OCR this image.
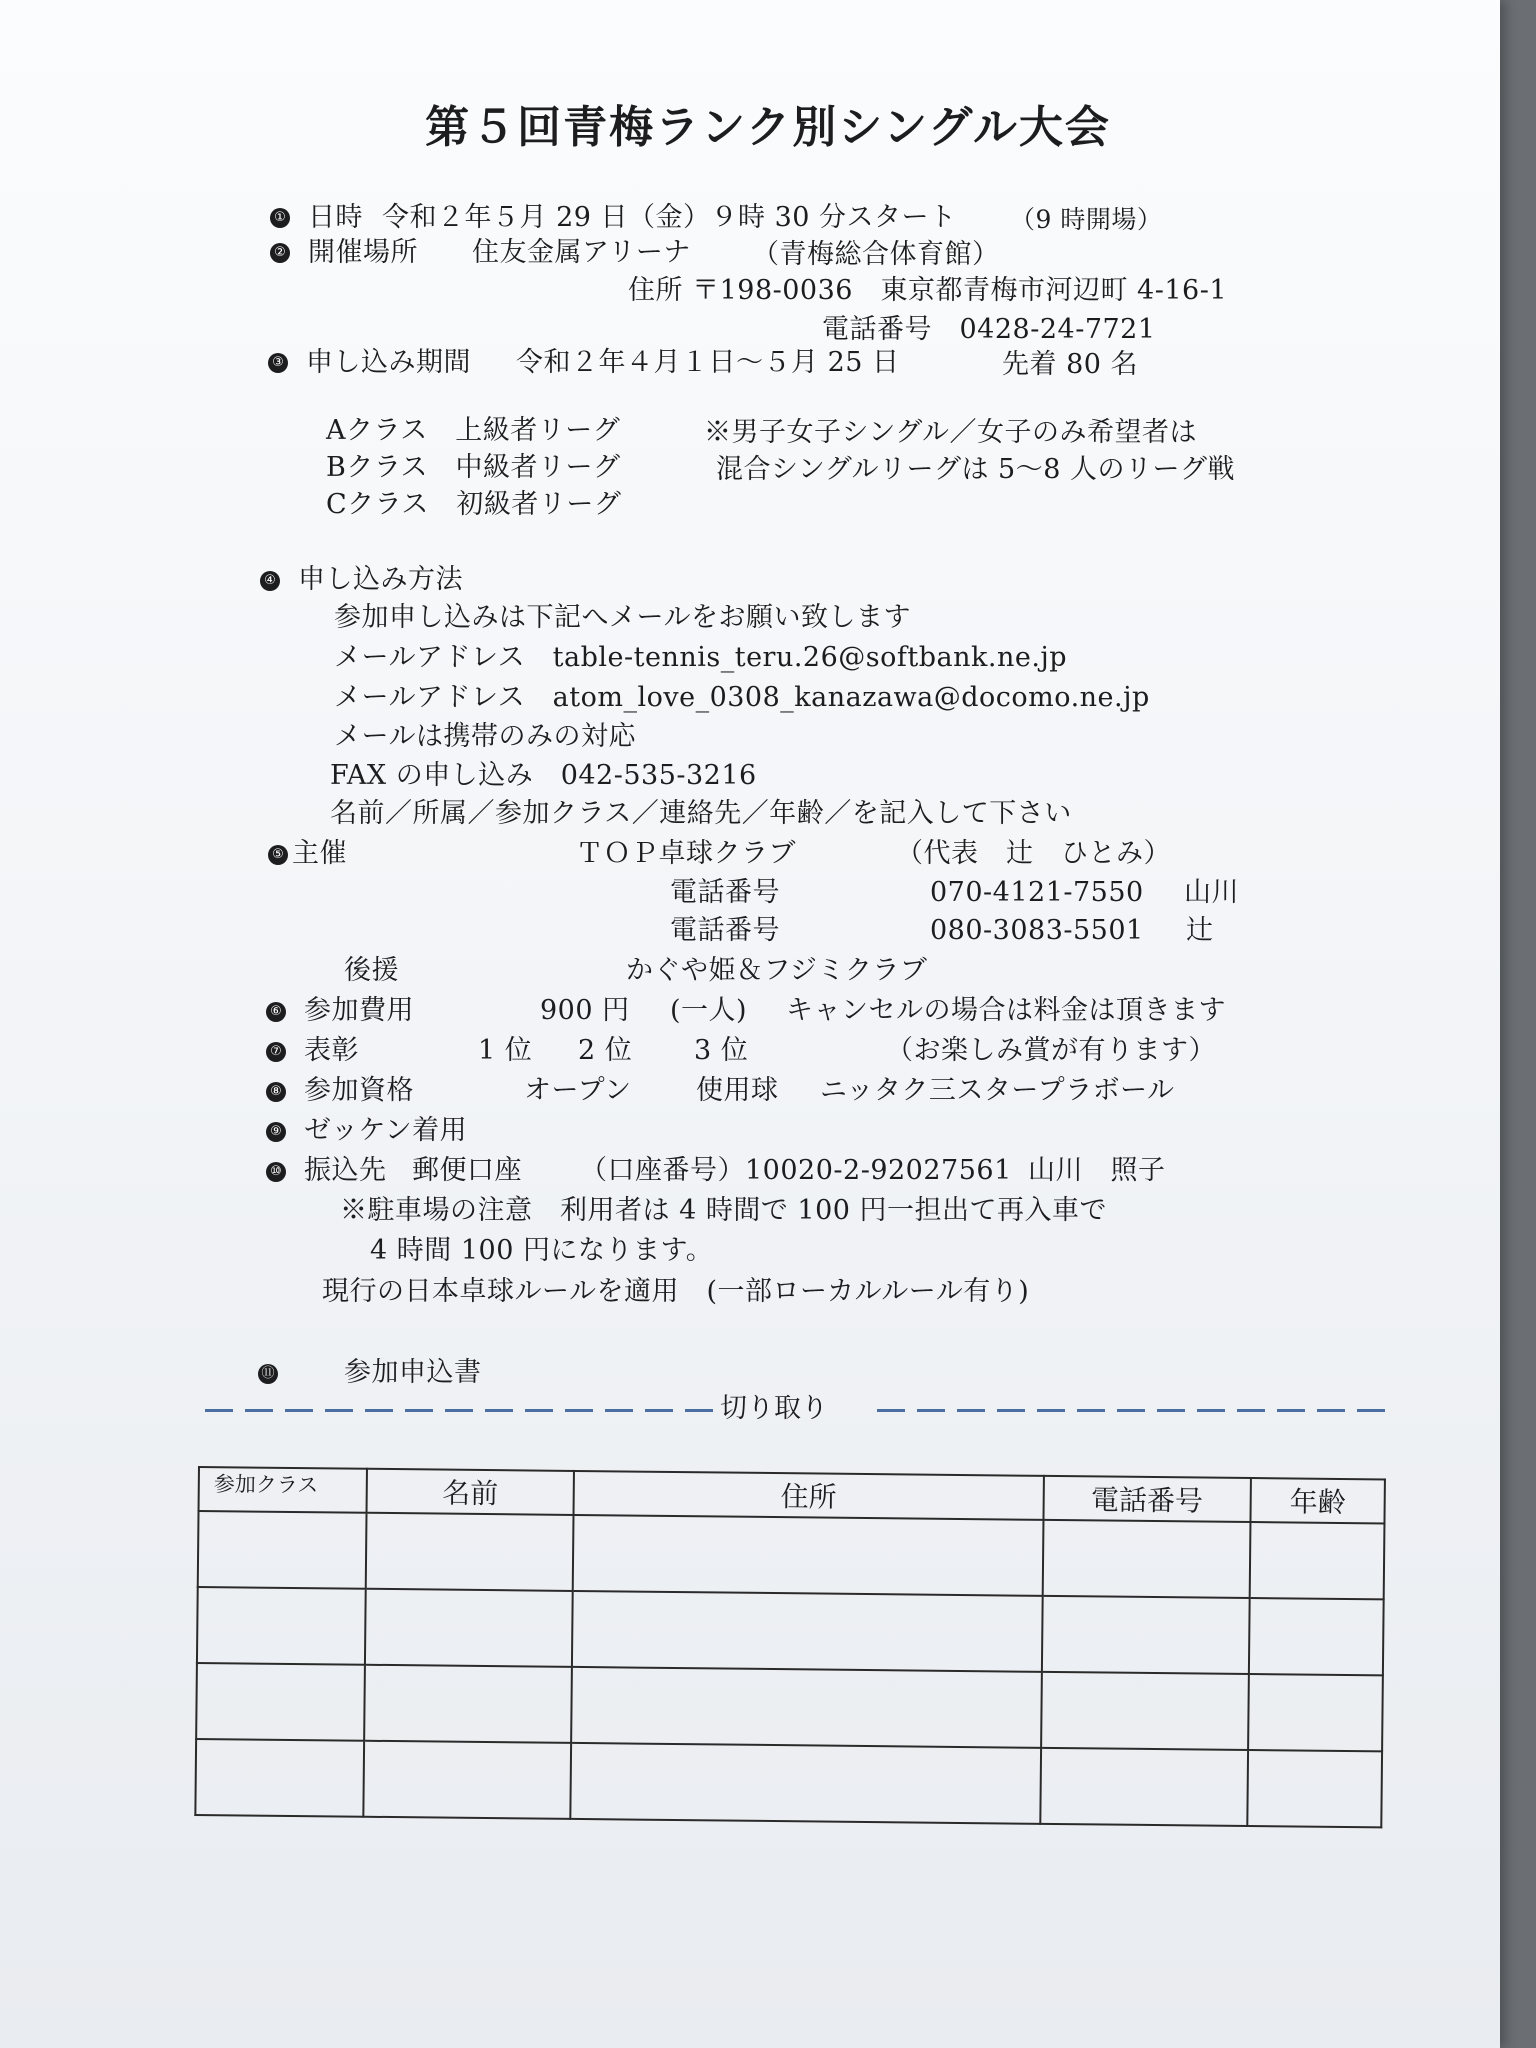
第５回青梅ランク別シングル大会
① 日時 令和２年５月 29 日（金）９時 30 分スタート （9 時開場）
② 開催場所 住友金属アリーナ （青梅総合体育館）
住所 〒198-0036　東京都青梅市河辺町 4-16-1
電話番号　0428-24-7721
③ 申し込み期間 令和２年４月１日～５月 25 日	先着 80 名
Aクラス　上級者リーグ
Bクラス　中級者リーグ
Cクラス　初級者リーグ
※男子女子シングル／女子のみ希望者は
混合シングルリーグは 5～8 人のリーグ戦
④ 申し込み方法
参加申し込みは下記へメールをお願い致します
メールアドレス　table-tennis_teru.26@softbank.ne.jp
メールアドレス　atom_love_0308_kanazawa@docomo.ne.jp
メールは携帯のみの対応
FAX の申し込み　042-535-3216
名前／所属／参加クラス／連絡先／年齢／を記入して下さい
⑤ 主催	ＴＯＰ卓球クラブ	（代表　辻　ひとみ）
電話番号	070-4121-7550 山川
電話番号	080-3083-5501 辻
後援	かぐや姫＆フジミクラブ
⑥ 参加費用	900 円 (一人) キャンセルの場合は料金は頂きます
⑦ 表彰	1 位 2 位 3 位	（お楽しみ賞が有ります）
⑧ 参加資格	オープン 使用球 ニッタク三スタープラボール
⑨ ゼッケン着用
⑩ 振込先 郵便口座 （口座番号）10020-2-92027561 山川　照子
※駐車場の注意　利用者は 4 時間で 100 円一担出て再入車で
4 時間 100 円になります。
現行の日本卓球ルールを適用　(一部ローカルルール有り)
⑪	参加申込書
切り取り
参加クラス	名前	住所	電話番号	年齢
